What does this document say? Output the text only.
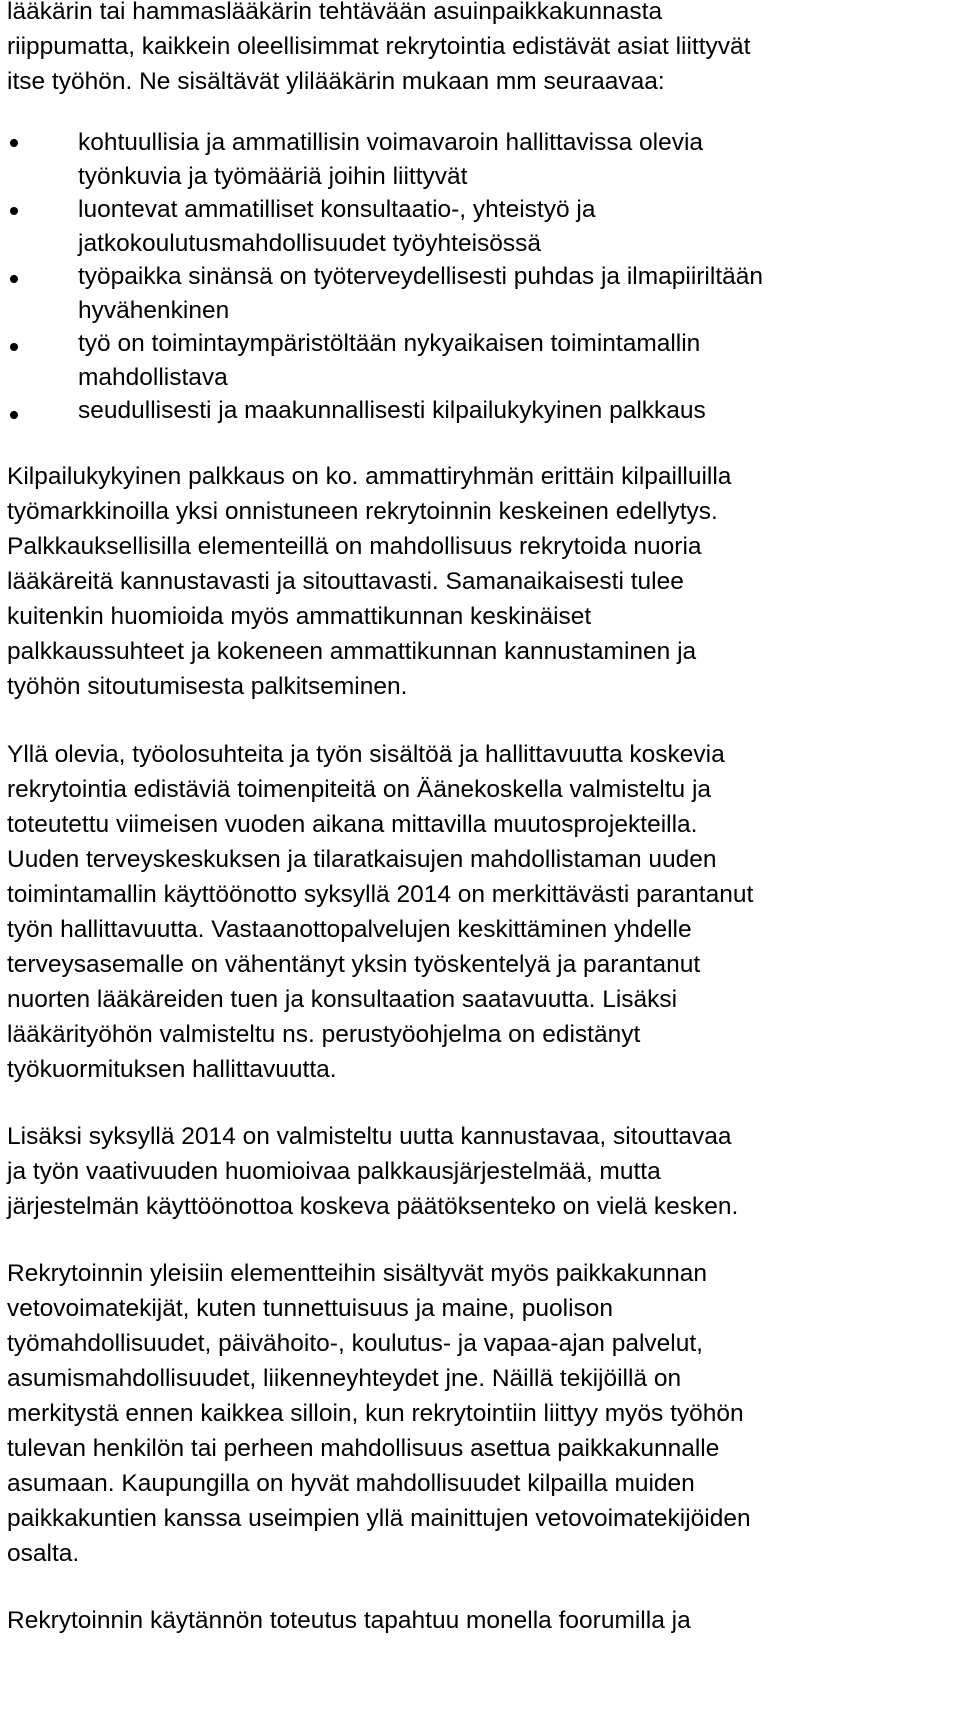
lääkärin tai hammaslääkärin tehtävään asuinpaikkakunnasta
riippumatta, kaikkein oleellisimmat rekrytointia edistävät asiat liittyvät
itse työhön. Ne sisältävät ylilääkärin mukaan mm seuraavaa:
kohtuullisia ja ammatillisin voimavaroin hallittavissa olevia
työnkuvia ja työmääriä joihin liittyvät
luontevat ammatilliset konsultaatio-, yhteistyö ja
jatkokoulutusmahdollisuudet työyhteisössä
työpaikka sinänsä on työterveydellisesti puhdas ja ilmapiiriltään
hyvähenkinen
työ on toimintaympäristöltään nykyaikaisen toimintamallin
mahdollistava
seudullisesti ja maakunnallisesti kilpailukykyinen palkkaus
Kilpailukykyinen palkkaus on ko. ammattiryhmän erittäin kilpailluilla
työmarkkinoilla yksi onnistuneen rekrytoinnin keskeinen edellytys.
Palkkauksellisilla elementeillä on mahdollisuus rekrytoida nuoria
lääkäreitä kannustavasti ja sitouttavasti. Samanaikaisesti tulee
kuitenkin huomioida myös ammattikunnan keskinäiset
palkkaussuhteet ja kokeneen ammattikunnan kannustaminen ja
työhön sitoutumisesta palkitseminen.
Yllä olevia, työolosuhteita ja työn sisältöä ja hallittavuutta koskevia
rekrytointia edistäviä toimenpiteitä on Äänekoskella valmisteltu ja
toteutettu viimeisen vuoden aikana mittavilla muutosprojekteilla.
Uuden terveyskeskuksen ja tilaratkaisujen mahdollistaman uuden
toimintamallin käyttöönotto syksyllä 2014 on merkittävästi parantanut
työn hallittavuutta. Vastaanottopalvelujen keskittäminen yhdelle
terveysasemalle on vähentänyt yksin työskentelyä ja parantanut
nuorten lääkäreiden tuen ja konsultaation saatavuutta. Lisäksi
lääkärityöhön valmisteltu ns. perustyöohjelma on edistänyt
työkuormituksen hallittavuutta.
Lisäksi syksyllä 2014 on valmisteltu uutta kannustavaa, sitouttavaa
ja työn vaativuuden huomioivaa palkkausjärjestelmää, mutta
järjestelmän käyttöönottoa koskeva päätöksenteko on vielä kesken.
Rekrytoinnin yleisiin elementteihin sisältyvät myös paikkakunnan
vetovoimatekijät, kuten tunnettuisuus ja maine, puolison
työmahdollisuudet, päivähoito-, koulutus- ja vapaa-ajan palvelut,
asumismahdollisuudet, liikenneyhteydet jne. Näillä tekijöillä on
merkitystä ennen kaikkea silloin, kun rekrytointiin liittyy myös työhön
tulevan henkilön tai perheen mahdollisuus asettua paikkakunnalle
asumaan. Kaupungilla on hyvät mahdollisuudet kilpailla muiden
paikkakuntien kanssa useimpien yllä mainittujen vetovoimatekijöiden
osalta.
Rekrytoinnin käytännön toteutus tapahtuu monella foorumilla ja
